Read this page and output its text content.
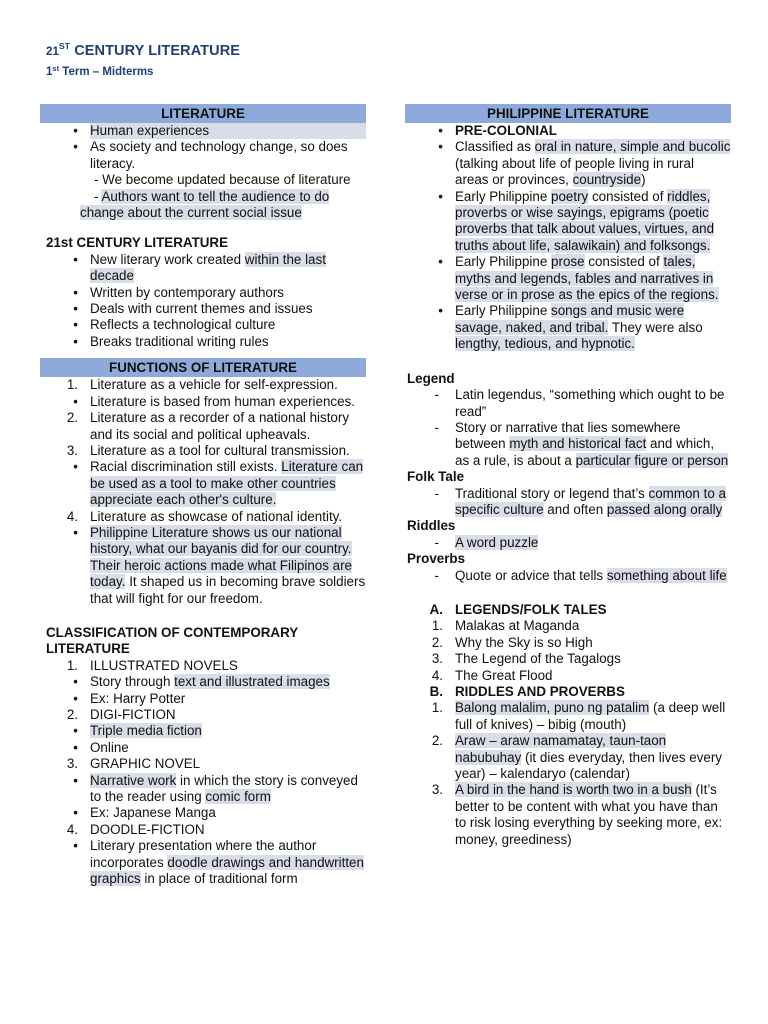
21ST CENTURY LITERATURE
1st Term – Midterms
LITERATURE
• Human experiences
• As society and technology change, so does literacy.
- We become updated because of literature
- Authors want to tell the audience to do
change about the current social issue
21st CENTURY LITERATURE
• New literary work created within the last decade
• Written by contemporary authors
• Deals with current themes and issues
• Reflects a technological culture
• Breaks traditional writing rules
FUNCTIONS OF LITERATURE
1. Literature as a vehicle for self-expression.
• Literature is based from human experiences.
2. Literature as a recorder of a national history and its social and political upheavals.
3. Literature as a tool for cultural transmission.
• Racial discrimination still exists. Literature can be used as a tool to make other countries appreciate each other's culture.
4. Literature as showcase of national identity.
• Philippine Literature shows us our national history, what our bayanis did for our country. Their heroic actions made what Filipinos are today. It shaped us in becoming brave soldiers that will fight for our freedom.
CLASSIFICATION OF CONTEMPORARY LITERATURE
1. ILLUSTRATED NOVELS
• Story through text and illustrated images
• Ex: Harry Potter
2. DIGI-FICTION
• Triple media fiction
• Online
3. GRAPHIC NOVEL
• Narrative work in which the story is conveyed to the reader using comic form
• Ex: Japanese Manga
4. DOODLE-FICTION
• Literary presentation where the author incorporates doodle drawings and handwritten graphics in place of traditional form
PHILIPPINE LITERATURE
• PRE-COLONIAL
• Classified as oral in nature, simple and bucolic (talking about life of people living in rural areas or provinces, countryside)
• Early Philippine poetry consisted of riddles, proverbs or wise sayings, epigrams (poetic proverbs that talk about values, virtues, and truths about life, salawikain) and folksongs.
• Early Philippine prose consisted of tales, myths and legends, fables and narratives in verse or in prose as the epics of the regions.
• Early Philippine songs and music were savage, naked, and tribal. They were also lengthy, tedious, and hypnotic.
Legend
-	Latin legendus, “something which ought to be read”
-	Story or narrative that lies somewhere between myth and historical fact and which, as a rule, is about a particular figure or person
Folk Tale
-	Traditional story or legend that’s common to a specific culture and often passed along orally
Riddles
-	A word puzzle
Proverbs
-	Quote or advice that tells something about life
A. LEGENDS/FOLK TALES
1. Malakas at Maganda
2. Why the Sky is so High
3. The Legend of the Tagalogs
4. The Great Flood
B. RIDDLES AND PROVERBS
1. Balong malalim, puno ng patalim (a deep well full of knives) – bibig (mouth)
2. Araw – araw namamatay, taun-taon nabubuhay (it dies everyday, then lives every year) – kalendaryo (calendar)
3. A bird in the hand is worth two in a bush (It’s better to be content with what you have than to risk losing everything by seeking more, ex: money, greediness)
